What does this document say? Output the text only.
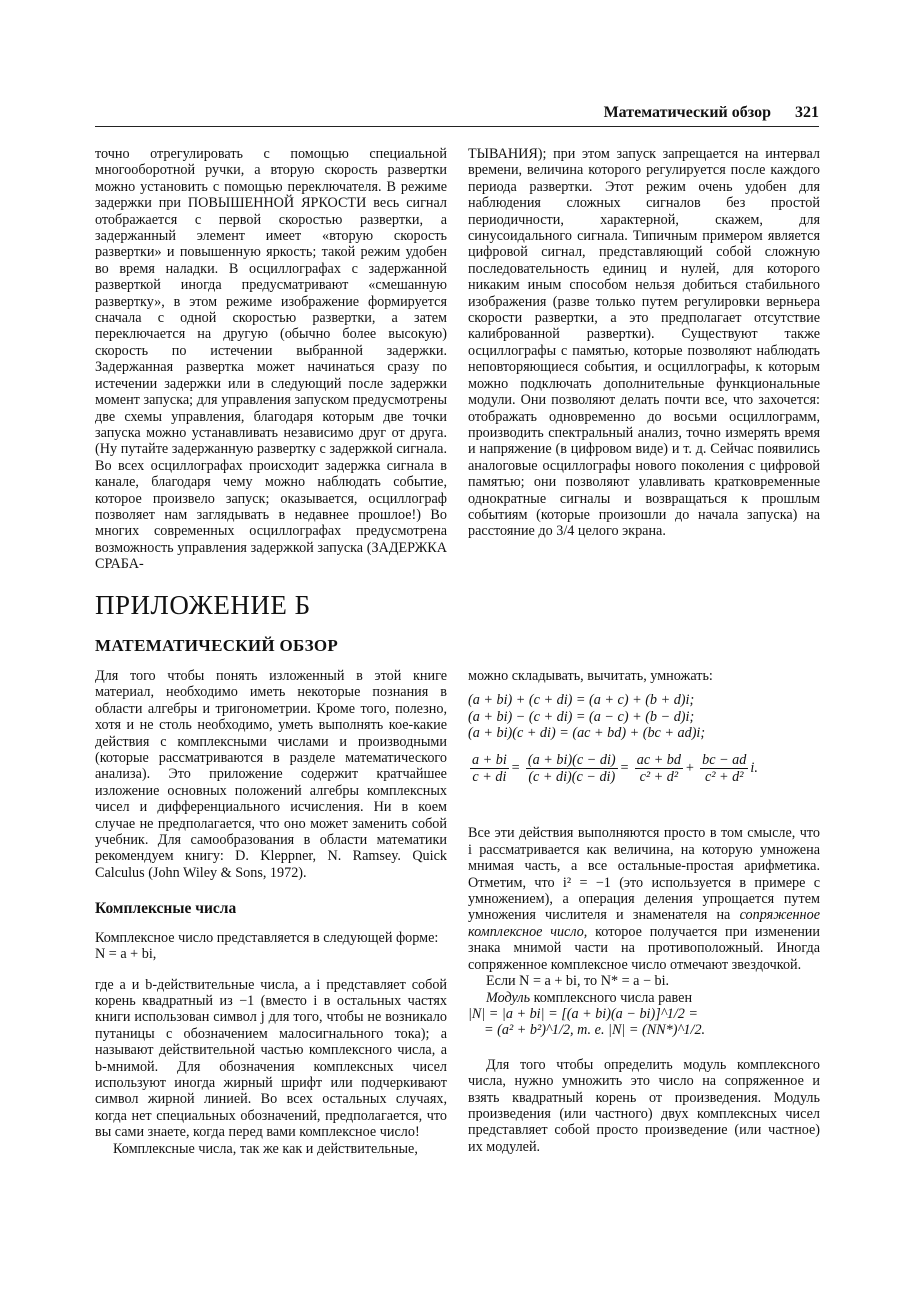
Математический обзор 321

точно отрегулировать с помощью специальной многооборотной ручки, а вторую скорость развертки можно установить с помощью переключателя. В режиме задержки при ПОВЫШЕННОЙ ЯРКОСТИ весь сигнал отображается с первой скоростью развертки, а задержанный элемент имеет «вторую скорость развертки» и повышенную яркость; такой режим удобен во время наладки. В осциллографах с задержанной разверткой иногда предусматривают «смешанную развертку», в этом режиме изображение формируется сначала с одной скоростью развертки, а затем переключается на другую (обычно более высокую) скорость по истечении выбранной задержки. Задержанная развертка может начинаться сразу по истечении задержки или в следующий после задержки момент запуска; для управления запуском предусмотрены две схемы управления, благодаря которым две точки запуска можно устанавливать независимо друг от друга. (Ну путайте задержанную развертку с задержкой сигнала. Во всех осциллографах происходит задержка сигнала в канале, благодаря чему можно наблюдать событие, которое произвело запуск; оказывается, осциллограф позволяет нам заглядывать в недавнее прошлое!) Во многих современных осциллографах предусмотрена возможность управления задержкой запуска (ЗАДЕРЖКА СРАБА-

ТЫВАНИЯ); при этом запуск запрещается на интервал времени, величина которого регулируется после каждого периода развертки. Этот режим очень удобен для наблюдения сложных сигналов без простой периодичности, характерной, скажем, для синусоидального сигнала. Типичным примером является цифровой сигнал, представляющий собой сложную последовательность единиц и нулей, для которого никаким иным способом нельзя добиться стабильного изображения (разве только путем регулировки верньера скорости развертки, а это предполагает отсутствие калиброванной развертки). Существуют также осциллографы с памятью, которые позволяют наблюдать неповторяющиеся события, и осциллографы, к которым можно подключать дополнительные функциональные модули. Они позволяют делать почти все, что захочется: отображать одновременно до восьми осциллограмм, производить спектральный анализ, точно измерять время и напряжение (в цифровом виде) и т. д. Сейчас появились аналоговые осциллографы нового поколения с цифровой памятью; они позволяют улавливать кратковременные однократные сигналы и возвращаться к прошлым событиям (которые произошли до начала запуска) на расстояние до 3/4 целого экрана.

ПРИЛОЖЕНИЕ Б
МАТЕМАТИЧЕСКИЙ ОБЗОР

Для того чтобы понять изложенный в этой книге материал, необходимо иметь некоторые познания в области алгебры и тригонометрии. Кроме того, полезно, хотя и не столь необходимо, уметь выполнять кое-какие действия с комплексными числами и производными (которые рассматриваются в разделе математического анализа). Это приложение содержит кратчайшее изложение основных положений алгебры комплексных чисел и дифференциального исчисления. Ни в коем случае не предполагается, что оно может заменить собой учебник. Для самообразования в области математики рекомендуем книгу: D. Kleppner, N. Ramsey. Quick Calculus (John Wiley & Sons, 1972).

Комплексные числа

Комплексное число представляется в следующей форме:

N = a + bi,

где a и b-действительные числа, а i представляет собой корень квадратный из −1 (вместо i в остальных частях книги использован символ j для того, чтобы не возникало путаницы с обозначением малосигнального тока); a называют действительной частью комплексного числа, а b-мнимой. Для обозначения комплексных чисел используют иногда жирный шрифт или подчеркивают символ жирной линией. Во всех остальных случаях, когда нет специальных обозначений, предполагается, что вы сами знаете, когда перед вами комплексное число!

Комплексные числа, так же как и действительные,

можно складывать, вычитать, умножать:

(a + bi) + (c + di) = (a + c) + (b + d)i;

(a + bi) − (c + di) = (a − c) + (b − d)i;

(a + bi)(c + di) = (ac + bd) + (bc + ad)i;

$\frac{a + bi}{c + di} = \frac{(a + bi)(c - di)}{(c + di)(c - di)} = \frac{ac + bd}{\text{c² + d²}} + \frac{bc - ad}{\text{c² + d²}} i$.

Все эти действия выполняются просто в том смысле, что i рассматривается как величина, на которую умножена мнимая часть, а все остальные-простая арифметика. Отметим, что i² = −1 (это используется в примере с умножением), а операция деления упрощается путем умножения числителя и знаменателя на сопряженное комплексное число, которое получается при изменении знака мнимой части на противоположный. Иногда сопряженное комплексное число отмечают звездочкой.

Если N = a + bi, то N* = a − bi.

Модуль комплексного числа равен

|N| = |a + bi| = [(a + bi)(a − bi)]^1/2 =

= (a² + b²)^1/2, т. е. |N| = (NN*)^1/2.

Для того чтобы определить модуль комплексного числа, нужно умножить это число на сопряженное и взять квадратный корень от произведения. Модуль произведения (или частного) двух комплексных чисел представляет собой просто произведение (или частное) их модулей.
